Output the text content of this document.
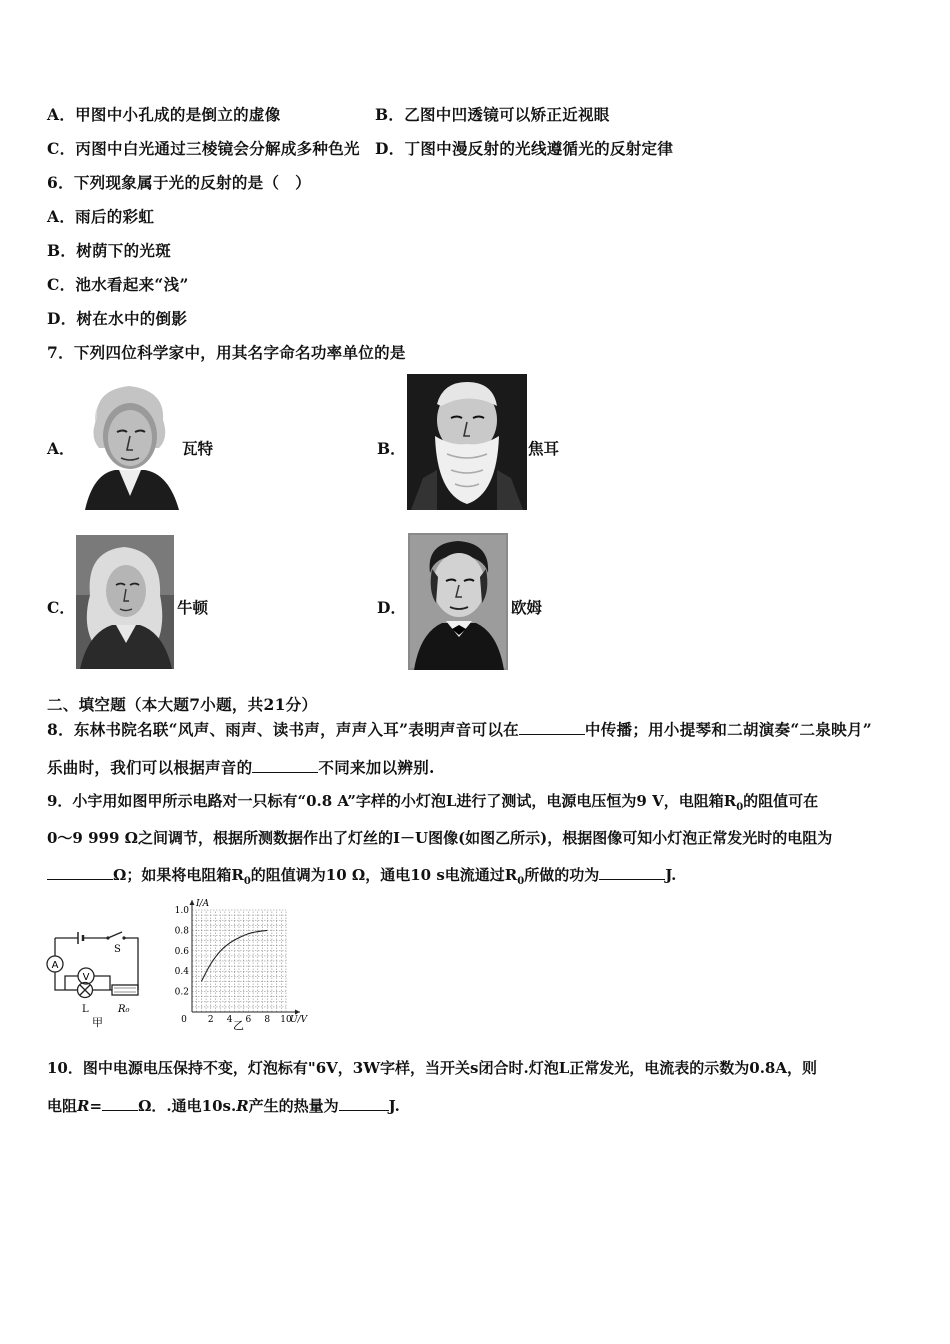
A．甲图中小孔成的是倒立的虚像	B．乙图中凹透镜可以矫正近视眼
C．丙图中白光通过三棱镜会分解成多种色光 D．丁图中漫反射的光线遵循光的反射定律
6．下列现象属于光的反射的是（　）
A．雨后的彩虹
B．树荫下的光斑
C．池水看起来“浅”
D．树在水中的倒影
7．下列四位科学家中，用其名字命名功率单位的是
A．	瓦特	B．	焦耳
C．	牛顿	D．	欧姆
二、填空题（本大题7小题，共21分）
8．东林书院名联“风声、雨声、读书声，声声入耳”表明声音可以在	中传播；用小提琴和二胡演奏“二泉映月”
乐曲时，我们可以根据声音的	不同来加以辨别.
9．小宇用如图甲所示电路对一只标有“0.8 A”字样的小灯泡L进行了测试，电源电压恒为9 V，电阻箱$R_0$的阻值可在
0～9 999 Ω之间调节，根据所测数据作出了灯丝的I－U图像(如图乙所示)，根据图像可知小灯泡正常发光时的电阻为
Ω；如果将电阻箱$R_0$的阻值调为10 Ω，通电10 s电流通过$R_0$所做的功为	J.
A
V
S
L	R₀
甲	0 2 4 6 8 10
0.2
0.4
0.6
0.8
1.0
I/A
U/V
乙
10．图中电源电压保持不变，灯泡标有"6V，3W字样，当开关s闭合时.灯泡L正常发光，电流表的示数为0.8A，则
电阻R= Ω．.通电10s.R产生的热量为	J.
